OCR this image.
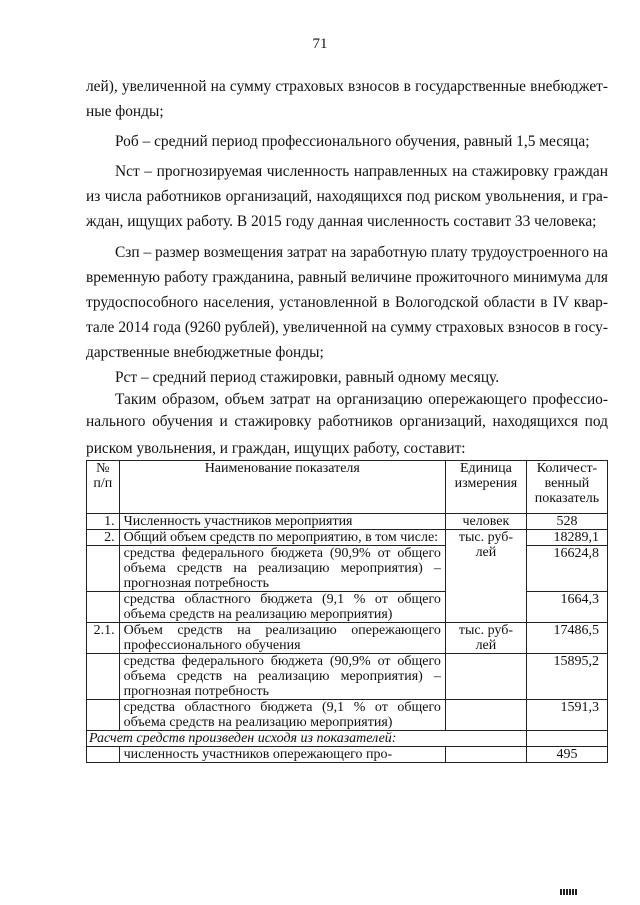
71
лей), увеличенной на сумму страховых взносов в государственные внебюджет-
ные фонды;
Роб – средний период профессионального обучения, равный 1,5 месяца;
Nст – прогнозируемая численность направленных на стажировку граждан
из числа работников организаций, находящихся под риском увольнения, и гра-
ждан, ищущих работу. В 2015 году данная численность составит 33 человека;
Сзп – размер возмещения затрат на заработную плату трудоустроенного на
временную работу гражданина, равный величине прожиточного минимума для
трудоспособного населения, установленной в Вологодской области в IV квар-
тале 2014 года (9260 рублей), увеличенной на сумму страховых взносов в госу-
дарственные внебюджетные фонды;
Рст – средний период стажировки, равный одному месяцу.
Таким образом, объем затрат на организацию опережающего профессио-
нального обучения и стажировку работников организаций, находящихся под
№ п/п	Наименование показателя	Единица измерения	Количест-венный показатель
1.	Численность участников мероприятия	человек	528
2.	Общий объем средств по мероприятию, в том числе:	тыс. руб-лей	18289,1
	средства федерального бюджета (90,9% от общего объема средств на реализацию мероприятия) – прогнозная потребность		16624,8
	средства областного бюджета (9,1 % от общего объема средств на реализацию мероприятия)		1664,3
2.1.	Объем средств на реализацию опережающего профессионального обучения	тыс. руб-лей	17486,5
	средства федерального бюджета (90,9% от общего объема средств на реализацию мероприятия) – прогнозная потребность		15895,2
	средства областного бюджета (9,1 % от общего объема средств на реализацию мероприятия)		1591,3
Расчет средств произведен исходя из показателей:			
	численность участников опережающего про-		495
риском увольнения, и граждан, ищущих работу, составит:
